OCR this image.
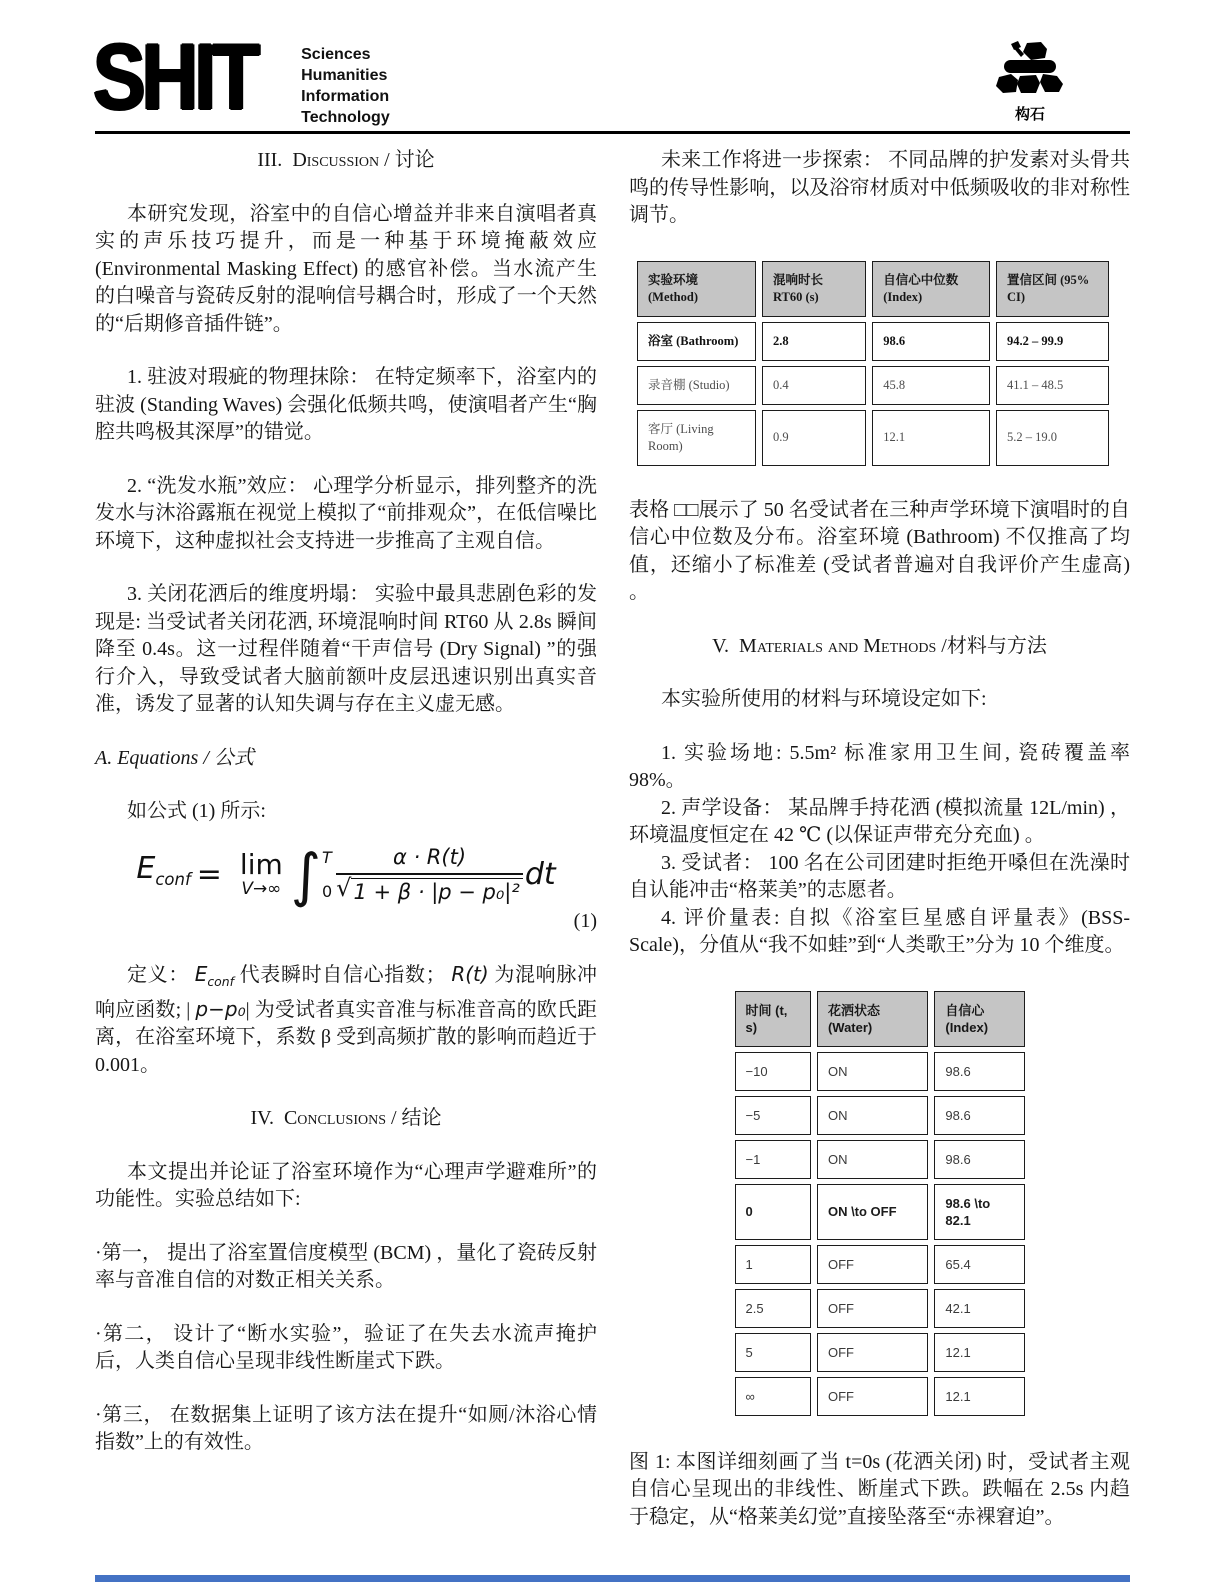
SHIT	Sciences
Humanities
Information
Technology	构石

III. Discussion / 讨论

本研究发现，浴室中的自信心增益并非来自演唱者真实的声乐技巧提升，而是一种基于环境掩蔽效应 (Environmental Masking Effect) 的感官补偿。当水流产生的白噪音与瓷砖反射的混响信号耦合时，形成了一个天然的“后期修音插件链”。

1. 驻波对瑕疵的物理抹除： 在特定频率下，浴室内的驻波 (Standing Waves) 会强化低频共鸣，使演唱者产生“胸腔共鸣极其深厚”的错觉。

2. “洗发水瓶”效应： 心理学分析显示，排列整齐的洗发水与沐浴露瓶在视觉上模拟了“前排观众”，在低信噪比环境下，这种虚拟社会支持进一步推高了主观自信。

3. 关闭花洒后的维度坍塌： 实验中最具悲剧色彩的发现是: 当受试者关闭花洒, 环境混响时间 RT60 从 2.8s 瞬间降至 0.4s。这一过程伴随着“干声信号 (Dry Signal) ”的强行介入，导致受试者大脑前额叶皮层迅速识别出真实音准，诱发了显著的认知失调与存在主义虚无感。

A. Equations / 公式

如公式 (1) 所示:

$E_{conf} = \lim$
V→∞ ∫ T
$0 \frac{\alpha \cdot R(t)}{\text{√ 1 + β · |p − p₀|²}}$ dt

(1)

定义： $E_{conf}$ 代表瞬时自信心指数； R(t) 为混响脉冲响应函数; | p−p₀| 为受试者真实音准与标准音高的欧氏距离，在浴室环境下，系数 β 受到高频扩散的影响而趋近于 0.001。

IV. Conclusions / 结论

本文提出并论证了浴室环境作为“心理声学避难所”的功能性。实验总结如下:

·第一， 提出了浴室置信度模型 (BCM) ，量化了瓷砖反射率与音准自信的对数正相关关系。

·第二， 设计了“断水实验”，验证了在失去水流声掩护后，人类自信心呈现非线性断崖式下跌。

·第三， 在数据集上证明了该方法在提升“如厕/沐浴心情指数”上的有效性。

未来工作将进一步探索： 不同品牌的护发素对头骨共鸣的传导性影响，以及浴帘材质对中低频吸收的非对称性调节。

实验环境 (Method)	混响时长 RT60 (s)	自信心中位数 (Index)	置信区间 (95% CI)
浴室 (Bathroom)	2.8	98.6	94.2 – 99.9
录音棚 (Studio)	0.4	45.8	41.1 – 48.5
客厅 (Living Room)	0.9	12.1	5.2 – 19.0

表格 □□展示了 50 名受试者在三种声学环境下演唱时的自信心中位数及分布。浴室环境 (Bathroom) 不仅推高了均值，还缩小了标准差 (受试者普遍对自我评价产生虚高) 。

V. Materials and Methods /材料与方法

本实验所使用的材料与环境设定如下:

1. 实验场地: 5.5m² 标准家用卫生间, 瓷砖覆盖率 98%。

2. 声学设备： 某品牌手持花洒 (模拟流量 12L/min) ，环境温度恒定在 42 ℃ (以保证声带充分充血) 。

3. 受试者： 100 名在公司团建时拒绝开嗓但在洗澡时自认能冲击“格莱美”的志愿者。

4. 评价量表: 自拟《浴室巨星感自评量表》(BSS-Scale)，分值从“我不如蛙”到“人类歌王”分为 10 个维度。

时间 (t, s)	花洒状态 (Water)	自信心 (Index)
−10	ON	98.6
−5	ON	98.6
−1	ON	98.6
0	ON \to OFF	98.6 \to 82.1
1	OFF	65.4
2.5	OFF	42.1
5	OFF	12.1
∞	OFF	12.1

图 1: 本图详细刻画了当 t=0s (花洒关闭) 时，受试者主观自信心呈现出的非线性、断崖式下跌。跌幅在 2.5s 内趋于稳定，从“格莱美幻觉”直接坠落至“赤裸窘迫”。
